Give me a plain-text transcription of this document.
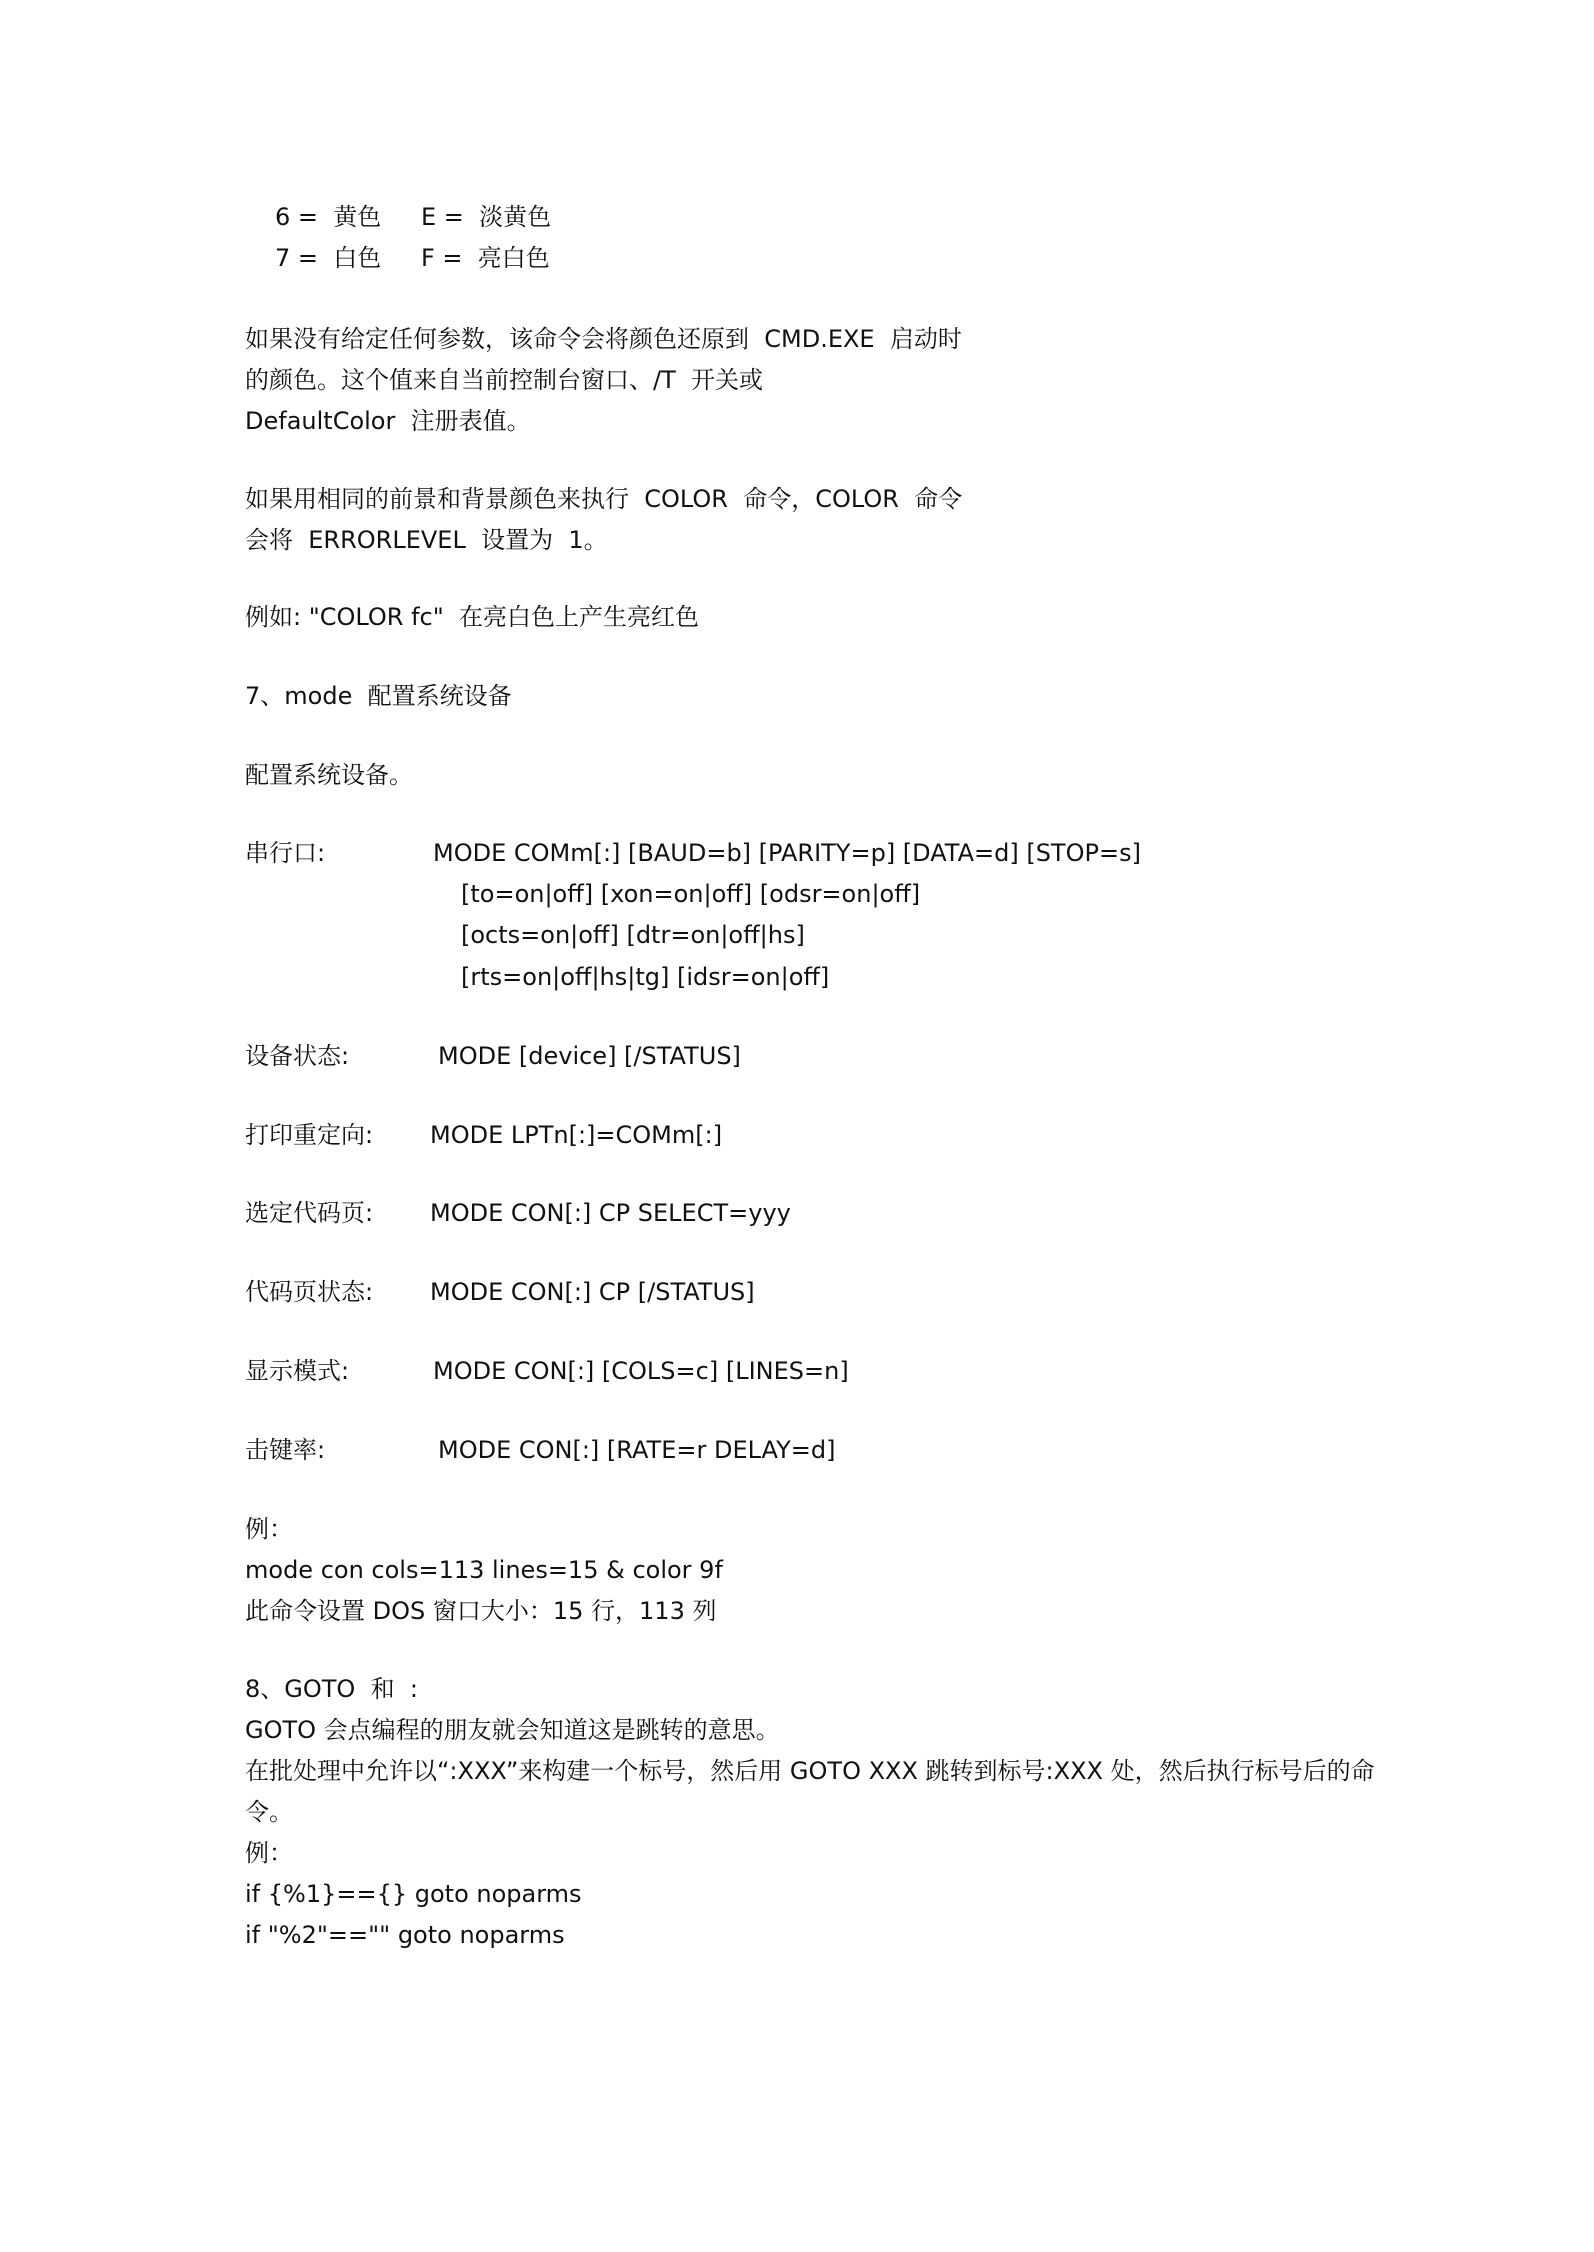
6 =  黄色 E =  淡黄色
7 =  白色 F =  亮白色
如果没有给定任何参数，该命令会将颜色还原到  CMD.EXE  启动时
的颜色。这个值来自当前控制台窗口、/T  开关或
DefaultColor  注册表值。
如果用相同的前景和背景颜色来执行  COLOR  命令，COLOR  命令
会将  ERRORLEVEL  设置为  1。
例如: "COLOR fc"  在亮白色上产生亮红色
7、mode  配置系统设备
配置系统设备。
串行口:	MODE COMm[:] [BAUD=b] [PARITY=p] [DATA=d] [STOP=s]
[to=on|off] [xon=on|off] [odsr=on|off]
[octs=on|off] [dtr=on|off|hs]
[rts=on|off|hs|tg] [idsr=on|off]
设备状态:	MODE [device] [/STATUS]
打印重定向: MODE LPTn[:]=COMm[:]
选定代码页: MODE CON[:] CP SELECT=yyy
代码页状态: MODE CON[:] CP [/STATUS]
显示模式:	MODE CON[:] [COLS=c] [LINES=n]
击键率:	MODE CON[:] [RATE=r DELAY=d]
例：
mode con cols=113 lines=15 & color 9f
此命令设置 DOS 窗口大小：15 行，113 列
8、GOTO  和  :
GOTO 会点编程的朋友就会知道这是跳转的意思。
在批处理中允许以“:XXX”来构建一个标号，然后用 GOTO XXX 跳转到标号:XXX 处，然后执行标号后的命
令。
例：
if {%1}=={} goto noparms
if "%2"=="" goto noparms
